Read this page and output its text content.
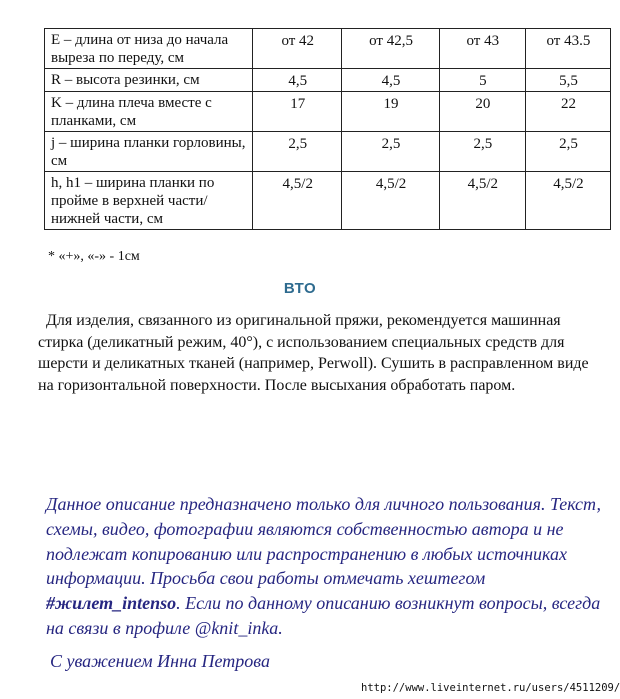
E – длина от низа до начала выреза по переду, см	от 42	от 42,5	от 43	от 43.5
R – высота резинки, см	4,5	4,5	5	5,5
K – длина плеча вместе с планками, см	17	19	20	22
j – ширина планки горловины, см	2,5	2,5	2,5	2,5
h, h1 – ширина планки по пройме в верхней части/нижней части, см	4,5/2	4,5/2	4,5/2	4,5/2
* «+», «-» - 1см
ВТО
Для изделия, связанного из оригинальной пряжи, рекомендуется машинная стирка (деликатный режим, 40°), с использованием специальных средств для шерсти и деликатных тканей (например, Perwoll). Сушить в расправленном виде на горизонтальной поверхности. После высыхания обработать паром.
Данное описание предназначено только для личного пользования. Текст, схемы, видео, фотографии являются собственностью автора и не подлежат копированию или распространению в любых источниках информации. Просьба свои работы отмечать хештегом #жилет_intenso. Если по данному описанию возникнут вопросы, всегда на связи в профиле @knit_inka.
С уважением Инна Петрова
http://www.liveinternet.ru/users/4511209/
